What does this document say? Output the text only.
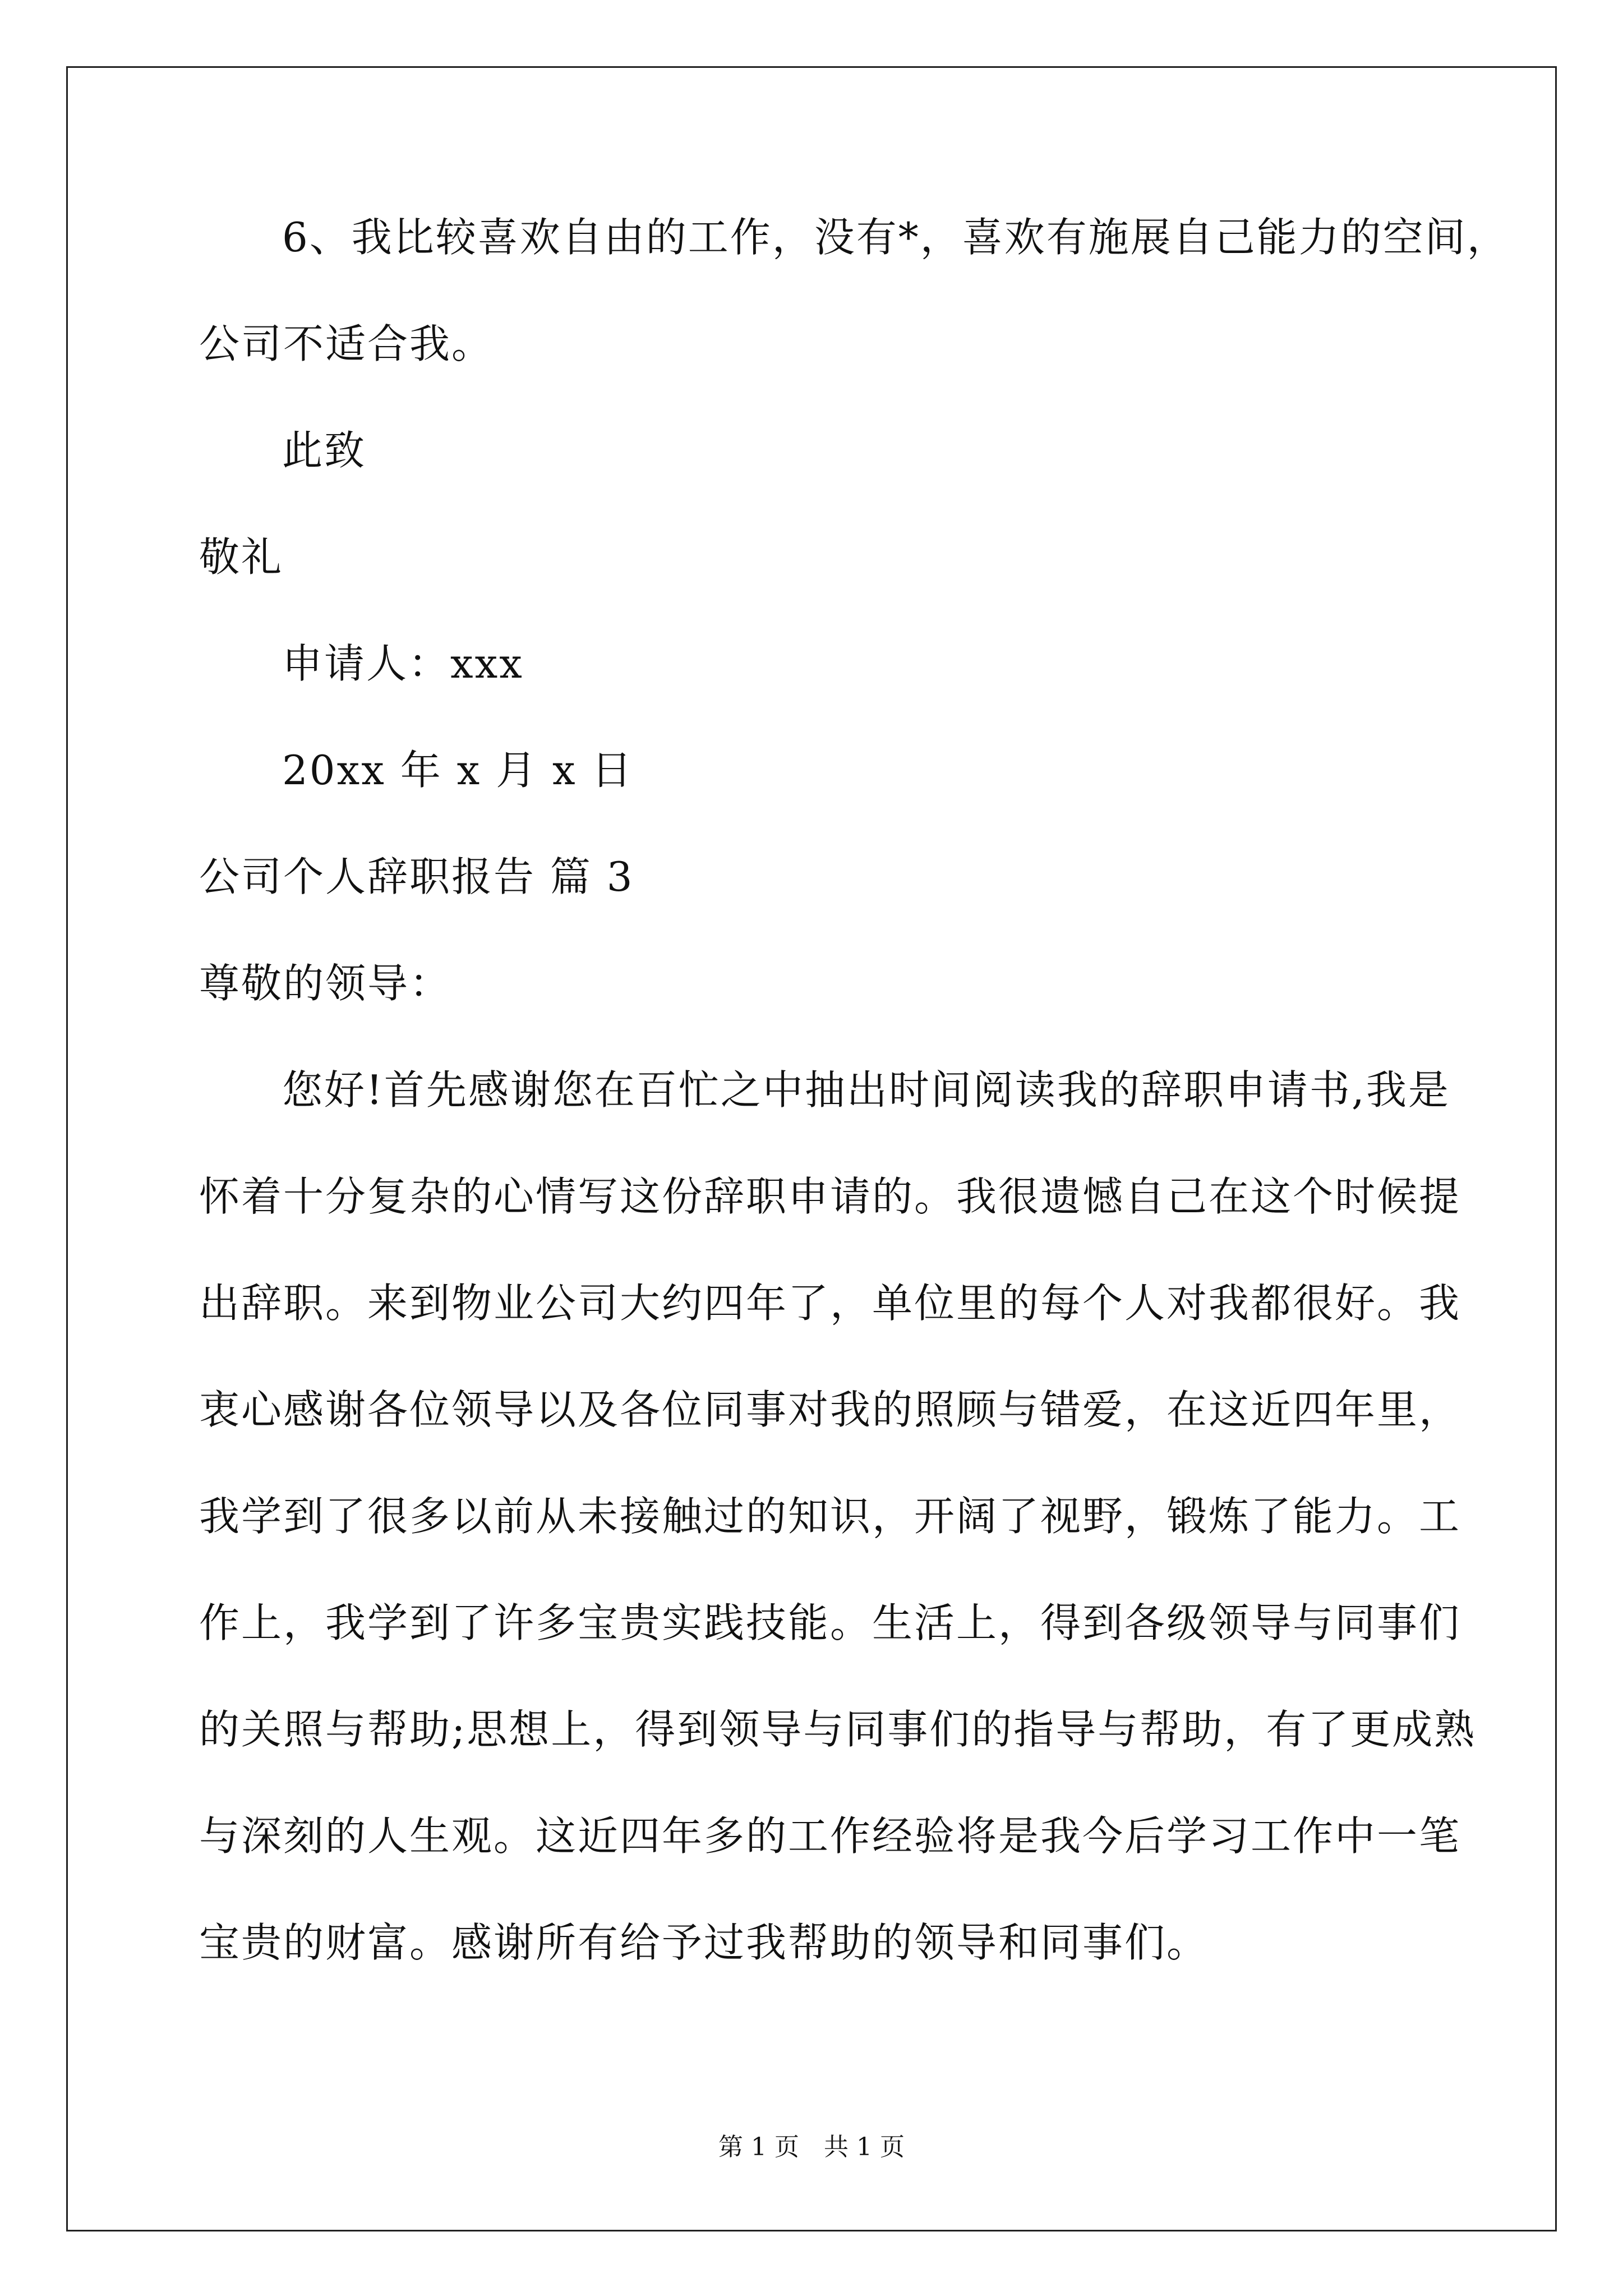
6、我比较喜欢自由的工作，没有*，喜欢有施展自己能力的空间，
公司不适合我。
此致
敬礼
申请人：xxx
20xx 年 x 月 x 日
公司个人辞职报告 篇 3
尊敬的领导：
您好!首先感谢您在百忙之中抽出时间阅读我的辞职申请书,我是
怀着十分复杂的心情写这份辞职申请的。我很遗憾自己在这个时候提
出辞职。来到物业公司大约四年了，单位里的每个人对我都很好。我
衷心感谢各位领导以及各位同事对我的照顾与错爱，在这近四年里，
我学到了很多以前从未接触过的知识，开阔了视野，锻炼了能力。工
作上，我学到了许多宝贵实践技能。生活上，得到各级领导与同事们
的关照与帮助;思想上，得到领导与同事们的指导与帮助，有了更成熟
与深刻的人生观。这近四年多的工作经验将是我今后学习工作中一笔
宝贵的财富。感谢所有给予过我帮助的领导和同事们。
第 1 页　共 1 页
